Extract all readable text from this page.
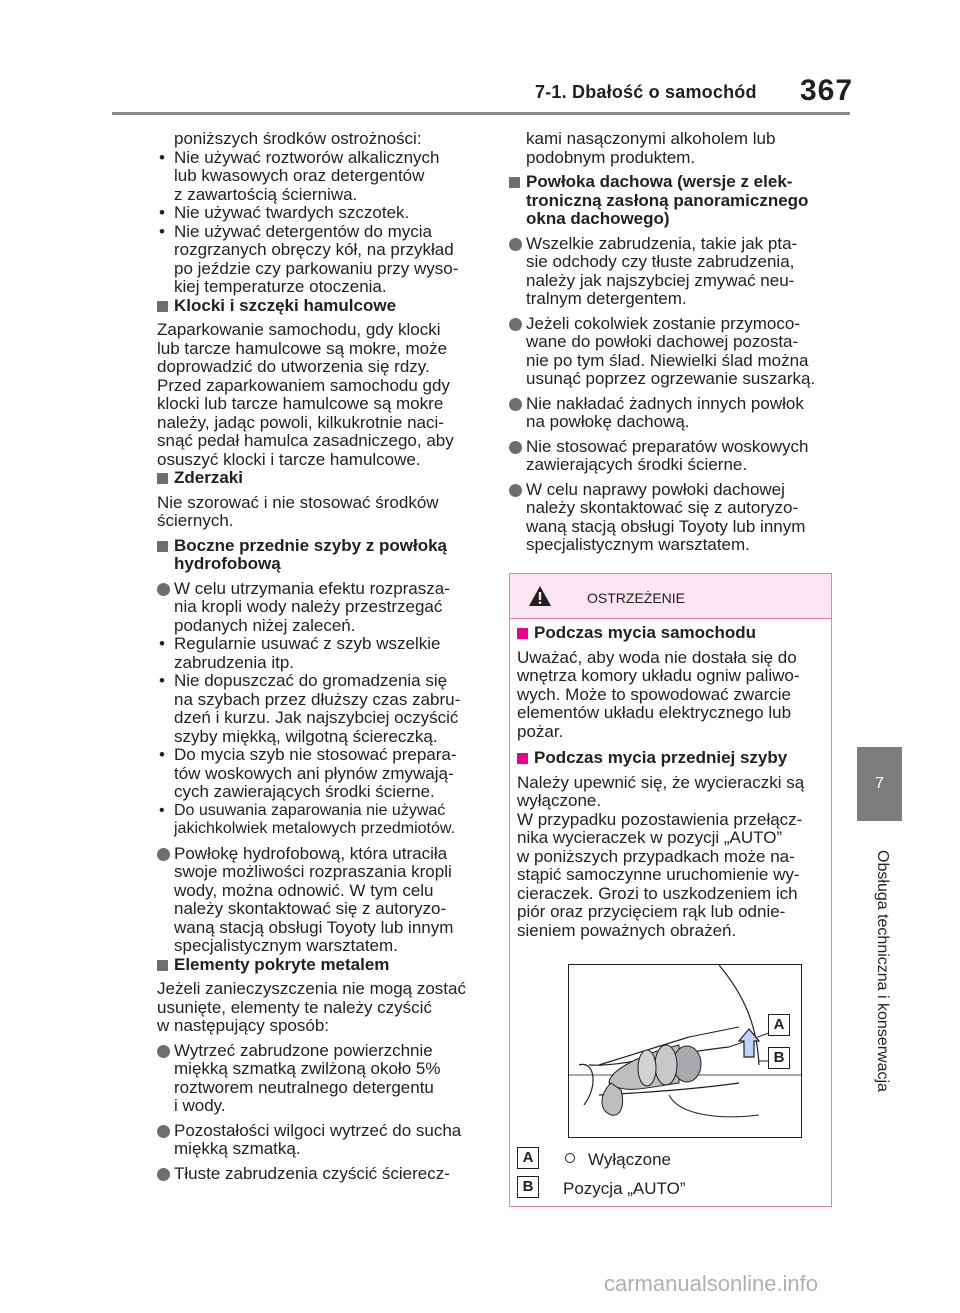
7-1. Dbałość o samochód 367
7
Obsługa techniczna i konserwacja

poniższych środków ostrożności:

• Nie używać roztworów alkalicznych

lub kwasowych oraz detergentów

z zawartością ścierniwa.

• Nie używać twardych szczotek.

• Nie używać detergentów do mycia

rozgrzanych obręczy kół, na przykład

po jeździe czy parkowaniu przy wyso-

kiej temperaturze otoczenia.

Klocki i szczęki hamulcowe

Zaparkowanie samochodu, gdy klocki

lub tarcze hamulcowe są mokre, może

doprowadzić do utworzenia się rdzy.

Przed zaparkowaniem samochodu gdy

klocki lub tarcze hamulcowe są mokre

należy, jadąc powoli, kilkukrotnie naci-

snąć pedał hamulca zasadniczego, aby

osuszyć klocki i tarcze hamulcowe.

Zderzaki

Nie szorować i nie stosować środków

ściernych.

Boczne przednie szyby z powłoką

hydrofobową

W celu utrzymania efektu rozprasza-

nia kropli wody należy przestrzegać

podanych niżej zaleceń.

• Regularnie usuwać z szyb wszelkie

zabrudzenia itp.

• Nie dopuszczać do gromadzenia się

na szybach przez dłuższy czas zabru-

dzeń i kurzu. Jak najszybciej oczyścić

szyby miękką, wilgotną ściereczką.

• Do mycia szyb nie stosować prepara-

tów woskowych ani płynów zmywają-

cych zawierających środki ścierne.

• Do usuwania zaparowania nie używać

jakichkolwiek metalowych przedmiotów.

Powłokę hydrofobową, która utraciła

swoje możliwości rozpraszania kropli

wody, można odnowić. W tym celu

należy skontaktować się z autoryzo-

waną stacją obsługi Toyoty lub innym

specjalistycznym warsztatem.

Elementy pokryte metalem

Jeżeli zanieczyszczenia nie mogą zostać

usunięte, elementy te należy czyścić

w następujący sposób:

Wytrzeć zabrudzone powierzchnie

miękką szmatką zwilżoną około 5%

roztworem neutralnego detergentu

i wody.

Pozostałości wilgoci wytrzeć do sucha

miękką szmatką.

Tłuste zabrudzenia czyścić ścierecz-

kami nasączonymi alkoholem lub

podobnym produktem.

Powłoka dachowa (wersje z elek-

troniczną zasłoną panoramicznego

okna dachowego)

Wszelkie zabrudzenia, takie jak pta-

sie odchody czy tłuste zabrudzenia,

należy jak najszybciej zmywać neu-

tralnym detergentem.

Jeżeli cokolwiek zostanie przymoco-

wane do powłoki dachowej pozosta-

nie po tym ślad. Niewielki ślad można

usunąć poprzez ogrzewanie suszarką.

Nie nakładać żadnych innych powłok

na powłokę dachową.

Nie stosować preparatów woskowych

zawierających środki ścierne.

W celu naprawy powłoki dachowej

należy skontaktować się z autoryzo-

waną stacją obsługi Toyoty lub innym

specjalistycznym warsztatem.

OSTRZEŻENIE

Podczas mycia samochodu

Uważać, aby woda nie dostała się do

wnętrza komory układu ogniw paliwo-

wych. Może to spowodować zwarcie

elementów układu elektrycznego lub

pożar.

Podczas mycia przedniej szyby

Należy upewnić się, że wycieraczki są

wyłączone.

W przypadku pozostawienia przełącz-

nika wycieraczek w pozycji „AUTO”

w poniższych przypadkach może na-

stąpić samoczynne uruchomienie wy-

cieraczek. Grozi to uszkodzeniem ich

piór oraz przycięciem rąk lub odnie-

sieniem poważnych obrażeń.

A
B
A	Wyłączone
B Pozycja „AUTO”
carmanualsonline.info
